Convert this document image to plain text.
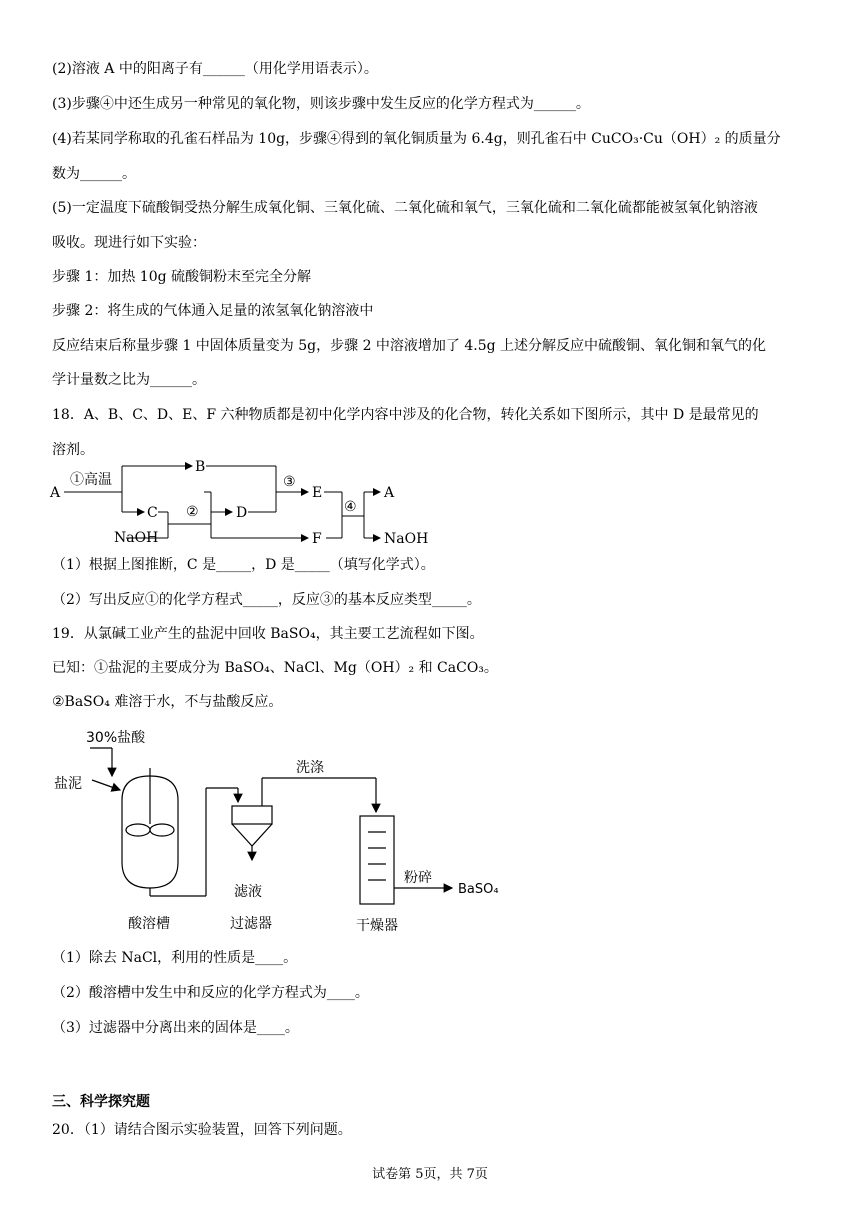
(2)溶液 A 中的阳离子有______（用化学用语表示）。
(3)步骤④中还生成另一种常见的氧化物，则该步骤中发生反应的化学方程式为______。
(4)若某同学称取的孔雀石样品为 10g，步骤④得到的氧化铜质量为 6.4g，则孔雀石中 CuCO₃·Cu（OH）₂ 的质量分
数为______。
(5)一定温度下硫酸铜受热分解生成氧化铜、三氧化硫、二氧化硫和氧气，三氧化硫和二氧化硫都能被氢氧化钠溶液
吸收。现进行如下实验：
步骤 1：加热 10g 硫酸铜粉末至完全分解
步骤 2：将生成的气体通入足量的浓氢氧化钠溶液中
反应结束后称量步骤 1 中固体质量变为 5g，步骤 2 中溶液增加了 4.5g 上述分解反应中硫酸铜、氧化铜和氧气的化
学计量数之比为______。
18．A、B、C、D、E、F 六种物质都是初中化学内容中涉及的化合物，转化关系如下图所示，其中 D 是最常见的
溶剂。
A
①高温
B
C
NaOH
②	D
③
E
F
④
A
NaOH
（1）根据上图推断，C 是_____，D 是_____（填写化学式）。
（2）写出反应①的化学方程式_____，反应③的基本反应类型_____。
19．从氯碱工业产生的盐泥中回收 BaSO₄，其主要工艺流程如下图。
已知：①盐泥的主要成分为 BaSO₄、NaCl、Mg（OH）₂ 和 CaCO₃。
②BaSO₄ 难溶于水，不与盐酸反应。
30%盐酸
盐泥
洗涤
滤液
酸溶槽	过滤器	干燥器
粉碎
BaSO₄
（1）除去 NaCl，利用的性质是____。
（2）酸溶槽中发生中和反应的化学方程式为____。
（3）过滤器中分离出来的固体是____。
三、科学探究题
20．（1）请结合图示实验装置，回答下列问题。
试卷第 5页，共 7页
